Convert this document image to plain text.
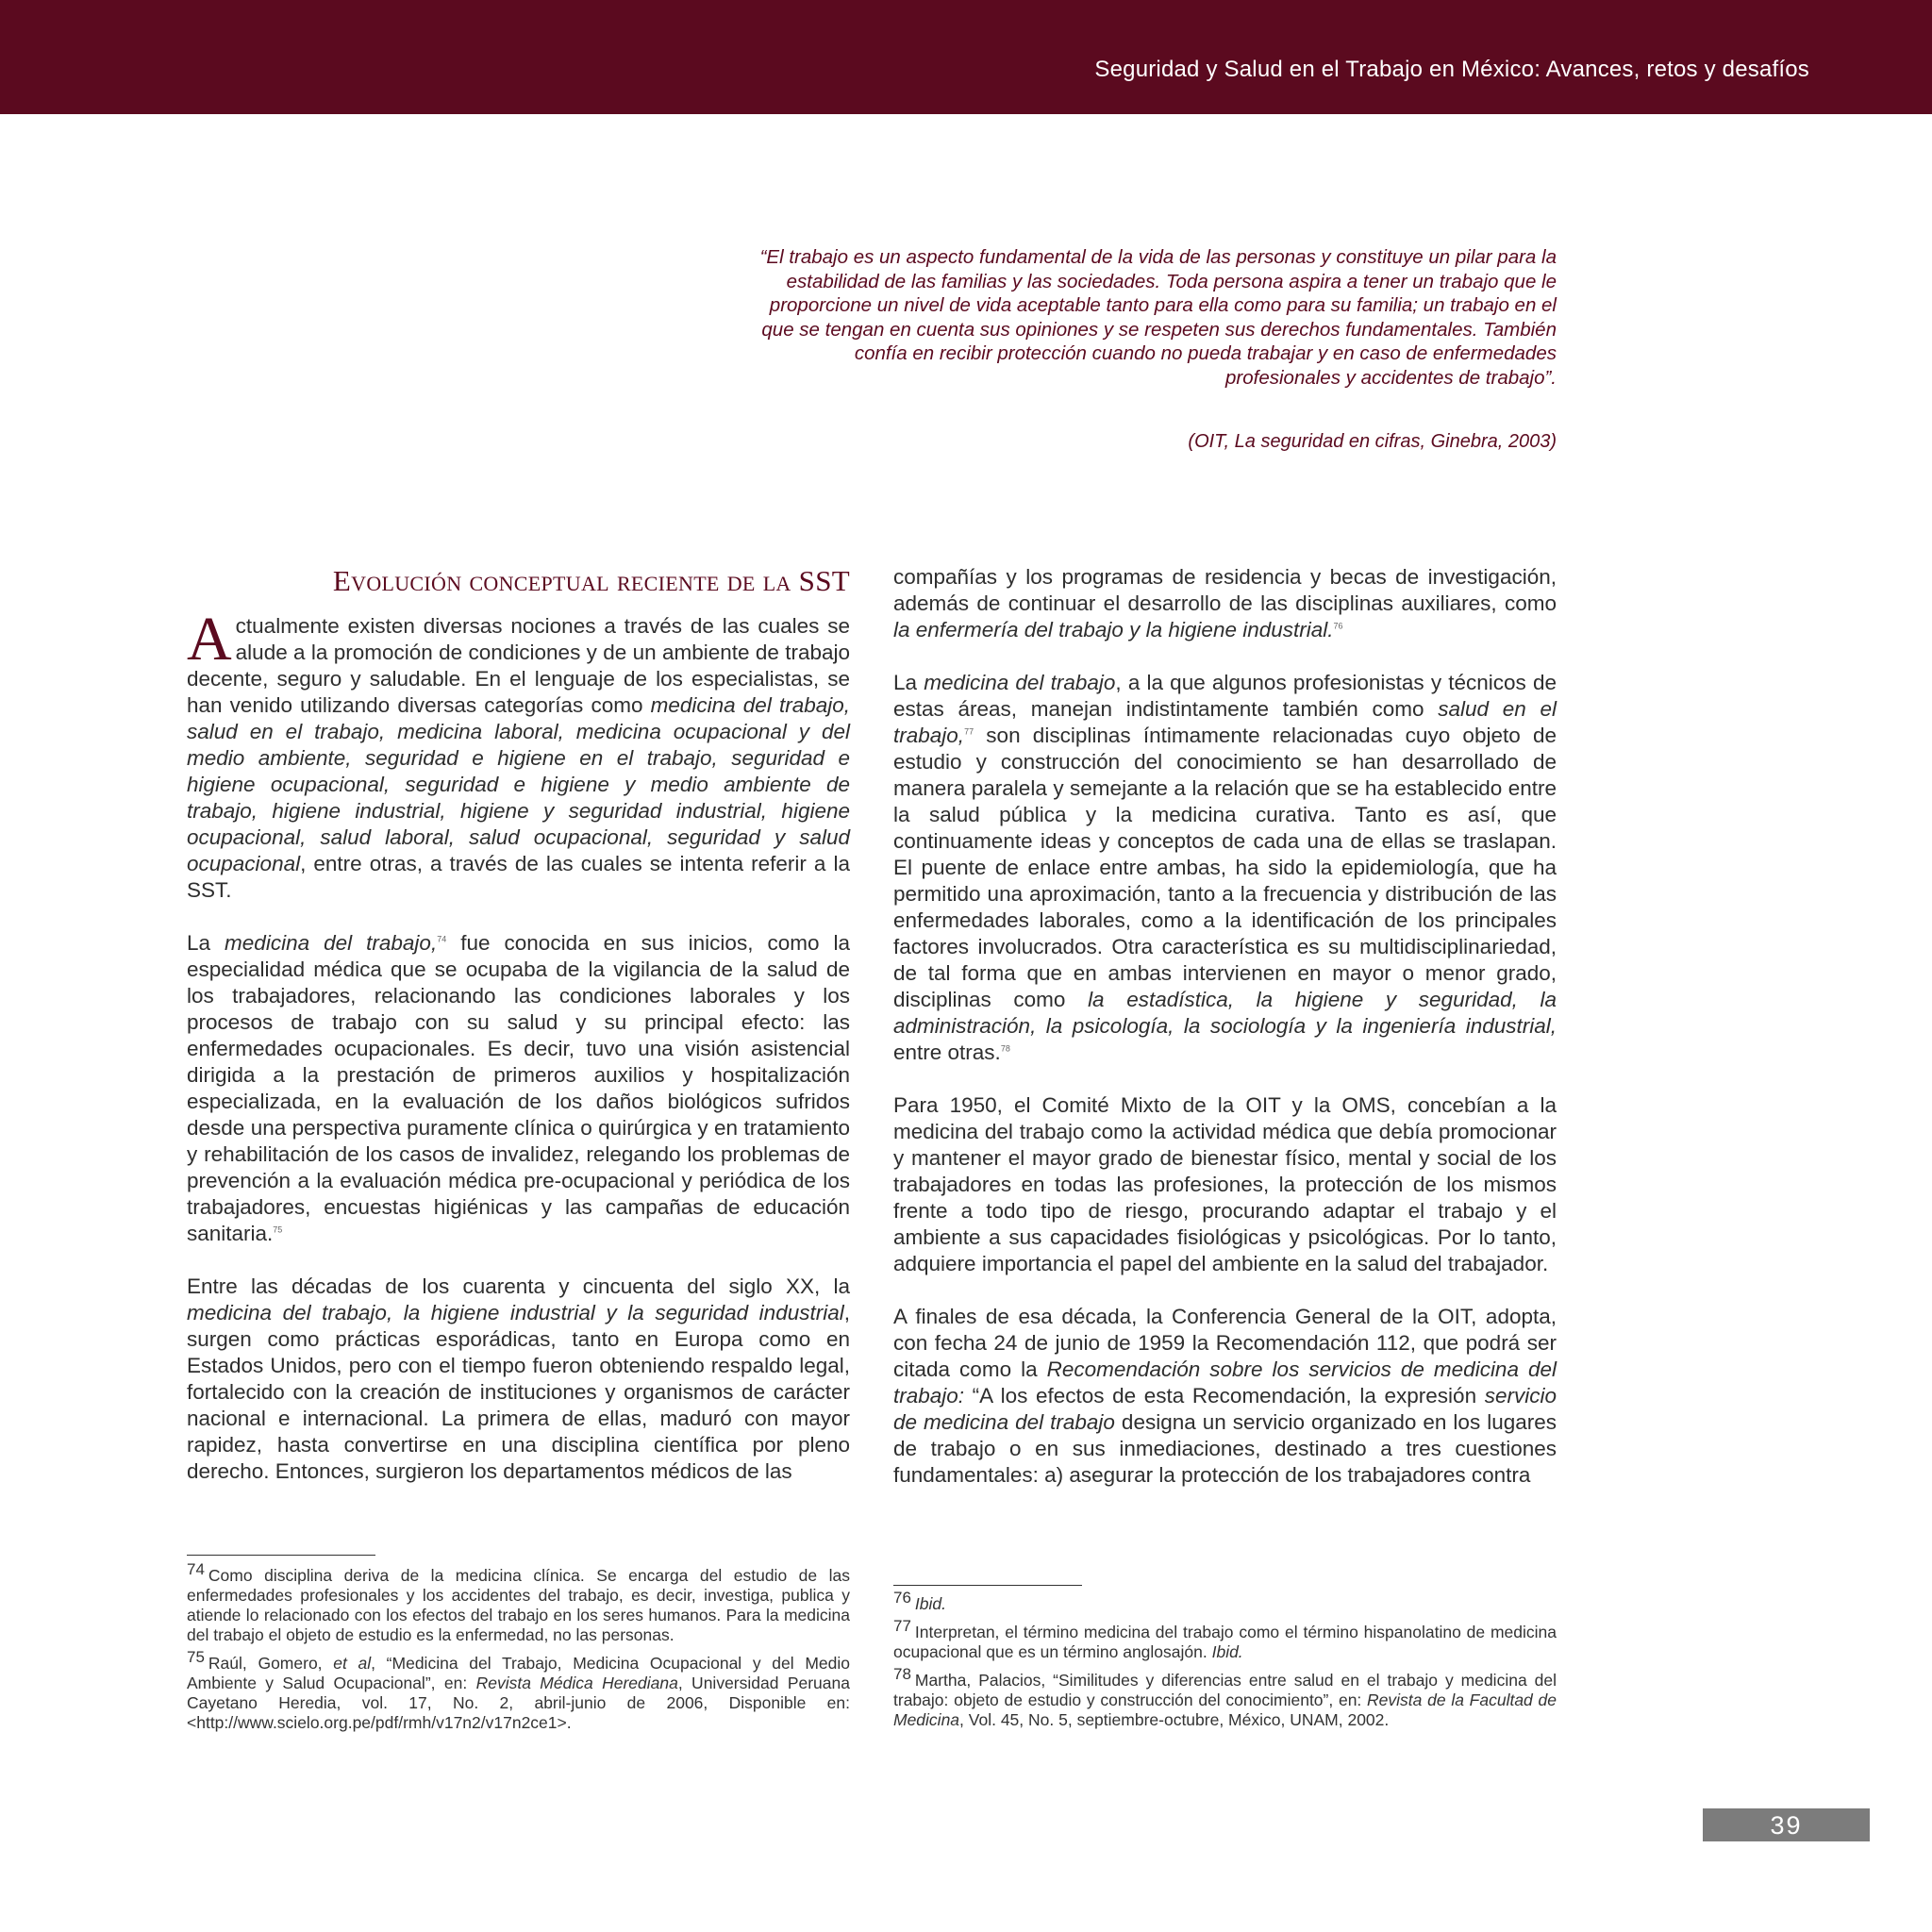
Seguridad y Salud en el Trabajo en México: Avances, retos y desafíos
“El trabajo es un aspecto fundamental de la vida de las personas y constituye un pilar para la estabilidad de las familias y las sociedades. Toda persona aspira a tener un trabajo que le proporcione un nivel de vida aceptable tanto para ella como para su familia; un trabajo en el que se tengan en cuenta sus opiniones y se respeten sus derechos fundamentales. También confía en recibir protección cuando no pueda trabajar y en caso de enfermedades profesionales y accidentes de trabajo”.
(OIT, La seguridad en cifras, Ginebra, 2003)
Evolución conceptual reciente de la SST

Actualmente existen diversas nociones a través de las cuales se alude a la promoción de condiciones y de un ambiente de trabajo decente, seguro y saludable. En el lenguaje de los especialistas, se han venido utilizando diversas categorías como medicina del trabajo, salud en el trabajo, medicina laboral, medicina ocupacional y del medio ambiente, seguridad e higiene en el trabajo, seguridad e higiene ocupacional, seguridad e higiene y medio ambiente de trabajo, higiene industrial, higiene y seguridad industrial, higiene ocupacional, salud laboral, salud ocupacional, seguridad y salud ocupacional, entre otras, a través de las cuales se intenta referir a la SST.

La medicina del trabajo,$^{74}$ fue conocida en sus inicios, como la especialidad médica que se ocupaba de la vigilancia de la salud de los trabajadores, relacionando las condiciones laborales y los procesos de trabajo con su salud y su principal efecto: las enfermedades ocupacionales. Es decir, tuvo una visión asistencial dirigida a la prestación de primeros auxilios y hospitalización especializada, en la evaluación de los daños biológicos sufridos desde una perspectiva puramente clínica o quirúrgica y en tratamiento y rehabilitación de los casos de invalidez, relegando los problemas de prevención a la evaluación médica pre-ocupacional y periódica de los trabajadores, encuestas higiénicas y las campañas de educación sanitaria.$^{75}$

Entre las décadas de los cuarenta y cincuenta del siglo XX, la medicina del trabajo, la higiene industrial y la seguridad industrial, surgen como prácticas esporádicas, tanto en Europa como en Estados Unidos, pero con el tiempo fueron obteniendo respaldo legal, fortalecido con la creación de instituciones y organismos de carácter nacional e internacional. La primera de ellas, maduró con mayor rapidez, hasta convertirse en una disciplina científica por pleno derecho. Entonces, surgieron los departamentos médicos de las

compañías y los programas de residencia y becas de investigación, además de continuar el desarrollo de las disciplinas auxiliares, como la enfermería del trabajo y la higiene industrial.$^{76}$

La medicina del trabajo, a la que algunos profesionistas y técnicos de estas áreas, manejan indistintamente también como salud en el trabajo,$^{77}$ son disciplinas íntimamente relacionadas cuyo objeto de estudio y construcción del conocimiento se han desarrollado de manera paralela y semejante a la relación que se ha establecido entre la salud pública y la medicina curativa. Tanto es así, que continuamente ideas y conceptos de cada una de ellas se traslapan. El puente de enlace entre ambas, ha sido la epidemiología, que ha permitido una aproximación, tanto a la frecuencia y distribución de las enfermedades laborales, como a la identificación de los principales factores involucrados. Otra característica es su multidisciplinariedad, de tal forma que en ambas intervienen en mayor o menor grado, disciplinas como la estadística, la higiene y seguridad, la administración, la psicología, la sociología y la ingeniería industrial, entre otras.$^{78}$

Para 1950, el Comité Mixto de la OIT y la OMS, concebían a la medicina del trabajo como la actividad médica que debía promocionar y mantener el mayor grado de bienestar físico, mental y social de los trabajadores en todas las profesiones, la protección de los mismos frente a todo tipo de riesgo, procurando adaptar el trabajo y el ambiente a sus capacidades fisiológicas y psicológicas. Por lo tanto, adquiere importancia el papel del ambiente en la salud del trabajador.

A finales de esa década, la Conferencia General de la OIT, adopta, con fecha 24 de junio de 1959 la Recomendación 112, que podrá ser citada como la Recomendación sobre los servicios de medicina del trabajo: “A los efectos de esta Recomendación, la expresión servicio de medicina del trabajo designa un servicio organizado en los lugares de trabajo o en sus inmediaciones, destinado a tres cuestiones fundamentales: a) asegurar la protección de los trabajadores contra

74 Como disciplina deriva de la medicina clínica. Se encarga del estudio de las enfermedades profesionales y los accidentes del trabajo, es decir, investiga, publica y atiende lo relacionado con los efectos del trabajo en los seres humanos. Para la medicina del trabajo el objeto de estudio es la enfermedad, no las personas.

75 Raúl, Gomero, et al, “Medicina del Trabajo, Medicina Ocupacional y del Medio Ambiente y Salud Ocupacional”, en: Revista Médica Herediana, Universidad Peruana Cayetano Heredia, vol. 17, No. 2, abril-junio de 2006, Disponible en: <http://www.scielo.org.pe/pdf/rmh/v17n2/v17n2ce1>.

76 Ibid.

77 Interpretan, el término medicina del trabajo como el término hispanolatino de medicina ocupacional que es un término anglosajón. Ibid.

78 Martha, Palacios, “Similitudes y diferencias entre salud en el trabajo y medicina del trabajo: objeto de estudio y construcción del conocimiento”, en: Revista de la Facultad de Medicina, Vol. 45, No. 5, septiembre-octubre, México, UNAM, 2002.

39
